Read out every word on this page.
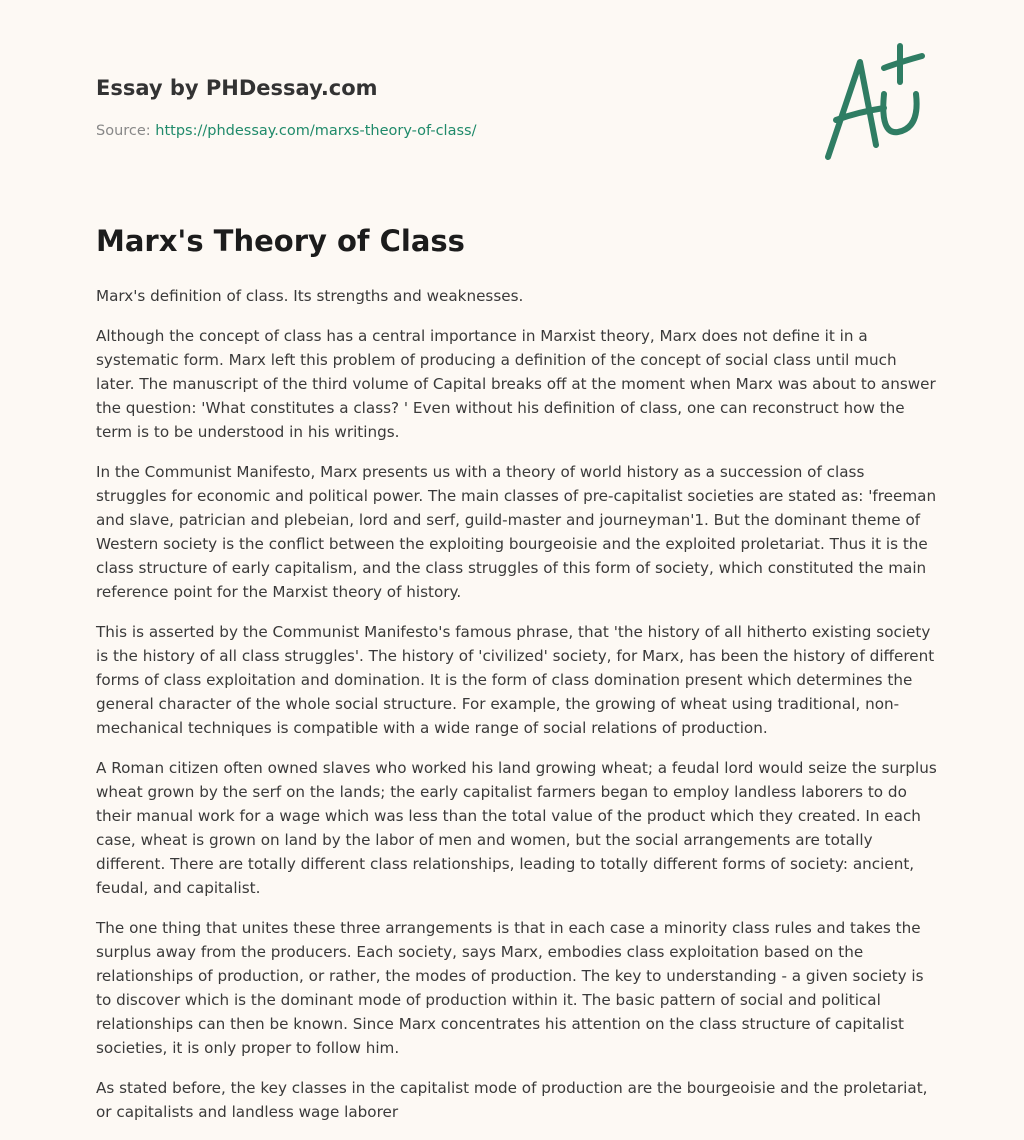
Essay by PHDessay.com
Source: https://phdessay.com/marxs-theory-of-class/
Marx's Theory of Class

Marx's definition of class. Its strengths and weaknesses.

Although the concept of class has a central importance in Marxist theory, Marx does not define it in a systematic form. Marx left this problem of producing a definition of the concept of social class until much later. The manuscript of the third volume of Capital breaks off at the moment when Marx was about to answer the question: 'What constitutes a class? ' Even without his definition of class, one can reconstruct how the term is to be understood in his writings.

In the Communist Manifesto, Marx presents us with a theory of world history as a succession of class struggles for economic and political power. The main classes of pre-capitalist societies are stated as: 'freeman and slave, patrician and plebeian, lord and serf, guild-master and journeyman'1. But the dominant theme of Western society is the conflict between the exploiting bourgeoisie and the exploited proletariat. Thus it is the class structure of early capitalism, and the class struggles of this form of society, which constituted the main reference point for the Marxist theory of history.

This is asserted by the Communist Manifesto's famous phrase, that 'the history of all hitherto existing society is the history of all class struggles'. The history of 'civilized' society, for Marx, has been the history of different forms of class exploitation and domination. It is the form of class domination present which determines the general character of the whole social structure. For example, the growing of wheat using traditional, non-mechanical techniques is compatible with a wide range of social relations of production.

A Roman citizen often owned slaves who worked his land growing wheat; a feudal lord would seize the surplus wheat grown by the serf on the lands; the early capitalist farmers began to employ landless laborers to do their manual work for a wage which was less than the total value of the product which they created. In each case, wheat is grown on land by the labor of men and women, but the social arrangements are totally different. There are totally different class relationships, leading to totally different forms of society: ancient, feudal, and capitalist.

The one thing that unites these three arrangements is that in each case a minority class rules and takes the surplus away from the producers. Each society, says Marx, embodies class exploitation based on the relationships of production, or rather, the modes of production. The key to understanding - a given society is to discover which is the dominant mode of production within it. The basic pattern of social and political relationships can then be known. Since Marx concentrates his attention on the class structure of capitalist societies, it is only proper to follow him.

As stated before, the key classes in the capitalist mode of production are the bourgeoisie and the proletariat, or capitalists and landless wage laborer
